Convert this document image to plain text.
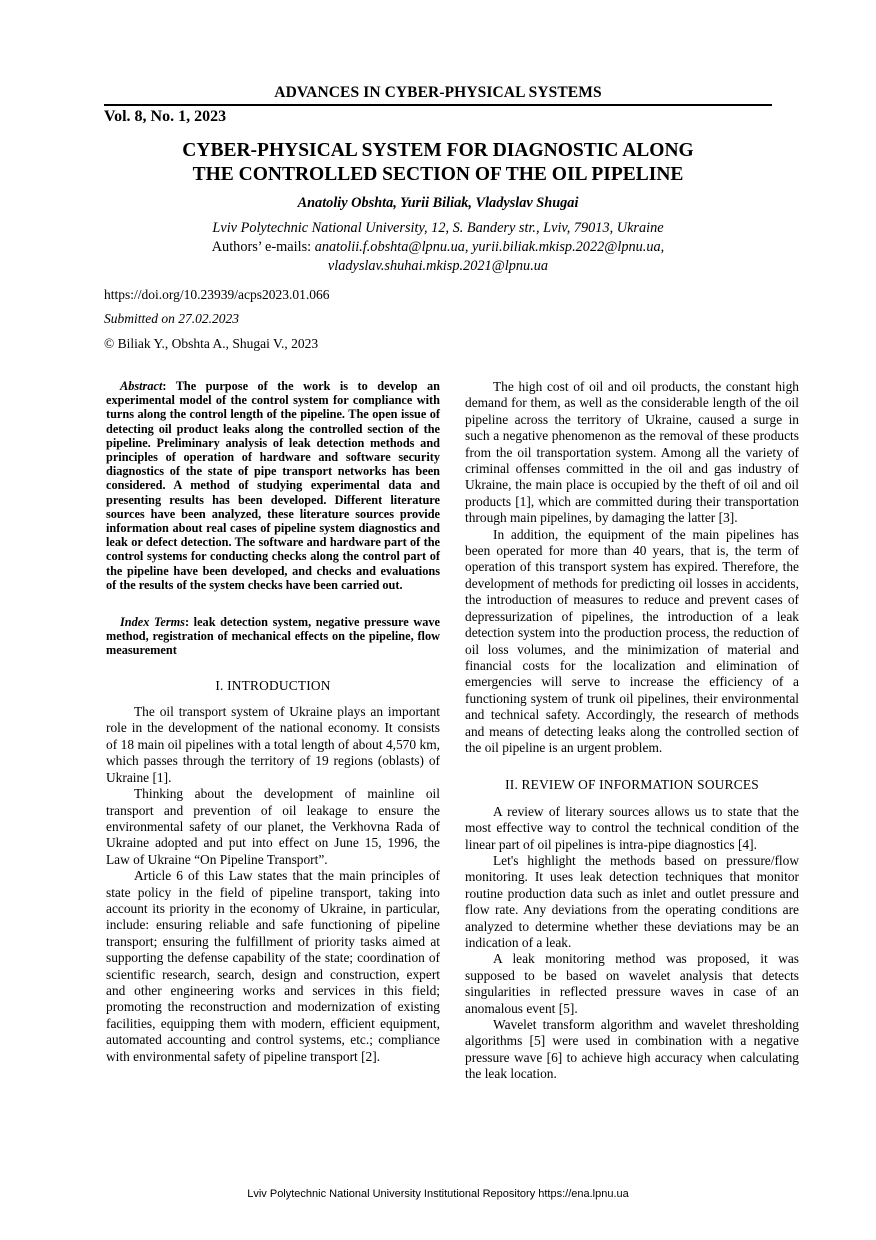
ADVANCES IN CYBER-PHYSICAL SYSTEMS
Vol. 8, No. 1, 2023
CYBER-PHYSICAL SYSTEM FOR DIAGNOSTIC ALONG
THE CONTROLLED SECTION OF THE OIL PIPELINE
Anatoliy Obshta, Yurii Biliak, Vladyslav Shugai
Lviv Polytechnic National University, 12, S. Bandery str., Lviv, 79013, Ukraine
Authors’ e-mails: anatolii.f.obshta@lpnu.ua, yurii.biliak.mkisp.2022@lpnu.ua, vladyslav.shuhai.mkisp.2021@lpnu.ua
https://doi.org/10.23939/acps2023.01.066
Submitted on 27.02.2023
© Biliak Y., Obshta A., Shugai V., 2023

Abstract: The purpose of the work is to develop an experimental model of the control system for compliance with turns along the control length of the pipeline. The open issue of detecting oil product leaks along the controlled section of the pipeline. Preliminary analysis of leak detection methods and principles of operation of hardware and software security diagnostics of the state of pipe transport networks has been considered. A method of studying experimental data and presenting results has been developed. Different literature sources have been analyzed, these literature sources provide information about real cases of pipeline system diagnostics and leak or defect detection. The software and hardware part of the control systems for conducting checks along the control part of the pipeline have been developed, and checks and evaluations of the results of the system checks have been carried out.

Index Terms: leak detection system, negative pressure wave method, registration of mechanical effects on the pipeline, flow measurement

I. INTRODUCTION

The oil transport system of Ukraine plays an important role in the development of the national economy. It consists of 18 main oil pipelines with a total length of about 4,570 km, which passes through the territory of 19 regions (oblasts) of Ukraine [1].

Thinking about the development of mainline oil transport and prevention of oil leakage to ensure the environmental safety of our planet, the Verkhovna Rada of Ukraine adopted and put into effect on June 15, 1996, the Law of Ukraine “On Pipeline Transport”.

Article 6 of this Law states that the main principles of state policy in the field of pipeline transport, taking into account its priority in the economy of Ukraine, in particular, include: ensuring reliable and safe functioning of pipeline transport; ensuring the fulfillment of priority tasks aimed at supporting the defense capability of the state; coordination of scientific research, search, design and construction, expert and other engineering works and services in this field; promoting the reconstruction and modernization of existing facilities, equipping them with modern, efficient equipment, automated accounting and control systems, etc.; compliance with environmental safety of pipeline transport [2].

The high cost of oil and oil products, the constant high demand for them, as well as the considerable length of the oil pipeline across the territory of Ukraine, caused a surge in such a negative phenomenon as the removal of these products from the oil transportation system. Among all the variety of criminal offenses committed in the oil and gas industry of Ukraine, the main place is occupied by the theft of oil and oil products [1], which are committed during their transportation through main pipelines, by damaging the latter [3].

In addition, the equipment of the main pipelines has been operated for more than 40 years, that is, the term of operation of this transport system has expired. Therefore, the development of methods for predicting oil losses in accidents, the introduction of measures to reduce and prevent cases of depressurization of pipelines, the introduction of a leak detection system into the production process, the reduction of oil loss volumes, and the minimization of material and financial costs for the localization and elimination of emergencies will serve to increase the efficiency of a functioning system of trunk oil pipelines, their environmental and technical safety. Accordingly, the research of methods and means of detecting leaks along the controlled section of the oil pipeline is an urgent problem.

II. REVIEW OF INFORMATION SOURCES

A review of literary sources allows us to state that the most effective way to control the technical condition of the linear part of oil pipelines is intra-pipe diagnostics [4].

Let's highlight the methods based on pressure/flow monitoring. It uses leak detection techniques that monitor routine production data such as inlet and outlet pressure and flow rate. Any deviations from the operating conditions are analyzed to determine whether these deviations may be an indication of a leak.

A leak monitoring method was proposed, it was supposed to be based on wavelet analysis that detects singularities in reflected pressure waves in case of an anomalous event [5].

Wavelet transform algorithm and wavelet thresholding algorithms [5] were used in combination with a negative pressure wave [6] to achieve high accuracy when calculating the leak location.

Lviv Polytechnic National University Institutional Repository https://ena.lpnu.ua
